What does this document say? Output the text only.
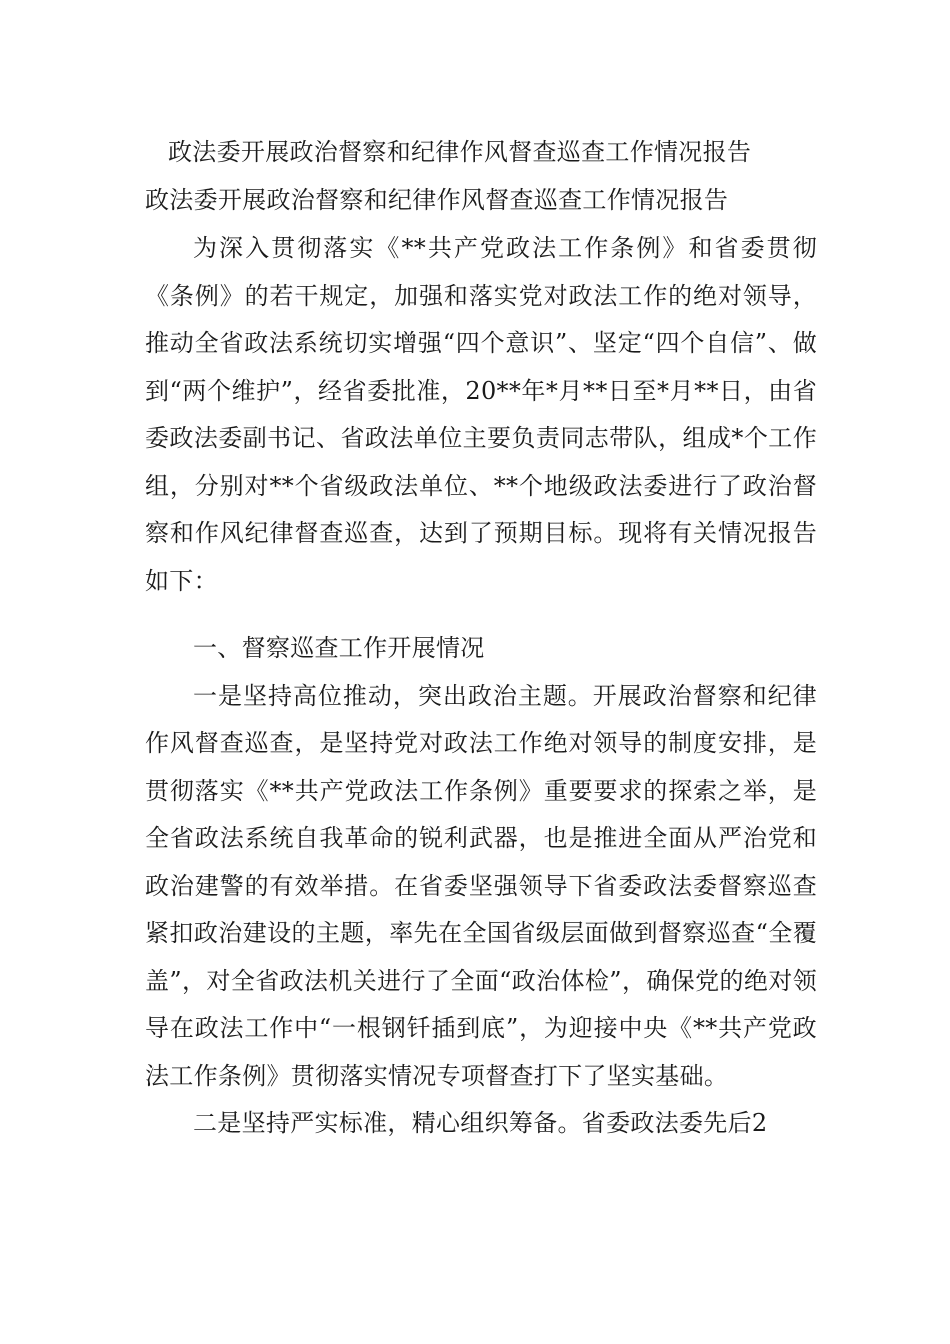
政法委开展政治督察和纪律作风督查巡查工作情况报告
政法委开展政治督察和纪律作风督查巡查工作情况报告

为深入贯彻落实《**共产党政法工作条例》和省委贯彻《条例》的若干规定，加强和落实党对政法工作的绝对领导，推动全省政法系统切实增强“四个意识”、坚定“四个自信”、做到“两个维护”，经省委批准，20**年*月**日至*月**日，由省委政法委副书记、省政法单位主要负责同志带队，组成*个工作组，分别对**个省级政法单位、**个地级政法委进行了政治督察和作风纪律督查巡查，达到了预期目标。现将有关情况报告如下：

一、督察巡查工作开展情况

一是坚持高位推动，突出政治主题。开展政治督察和纪律作风督查巡查，是坚持党对政法工作绝对领导的制度安排，是贯彻落实《**共产党政法工作条例》重要要求的探索之举，是全省政法系统自我革命的锐利武器，也是推进全面从严治党和政治建警的有效举措。在省委坚强领导下省委政法委督察巡查紧扣政治建设的主题，率先在全国省级层面做到督察巡查“全覆盖”，对全省政法机关进行了全面“政治体检”，确保党的绝对领导在政法工作中“一根钢钎插到底”，为迎接中央《**共产党政法工作条例》贯彻落实情况专项督查打下了坚实基础。

二是坚持严实标准，精心组织筹备。省委政法委先后2
